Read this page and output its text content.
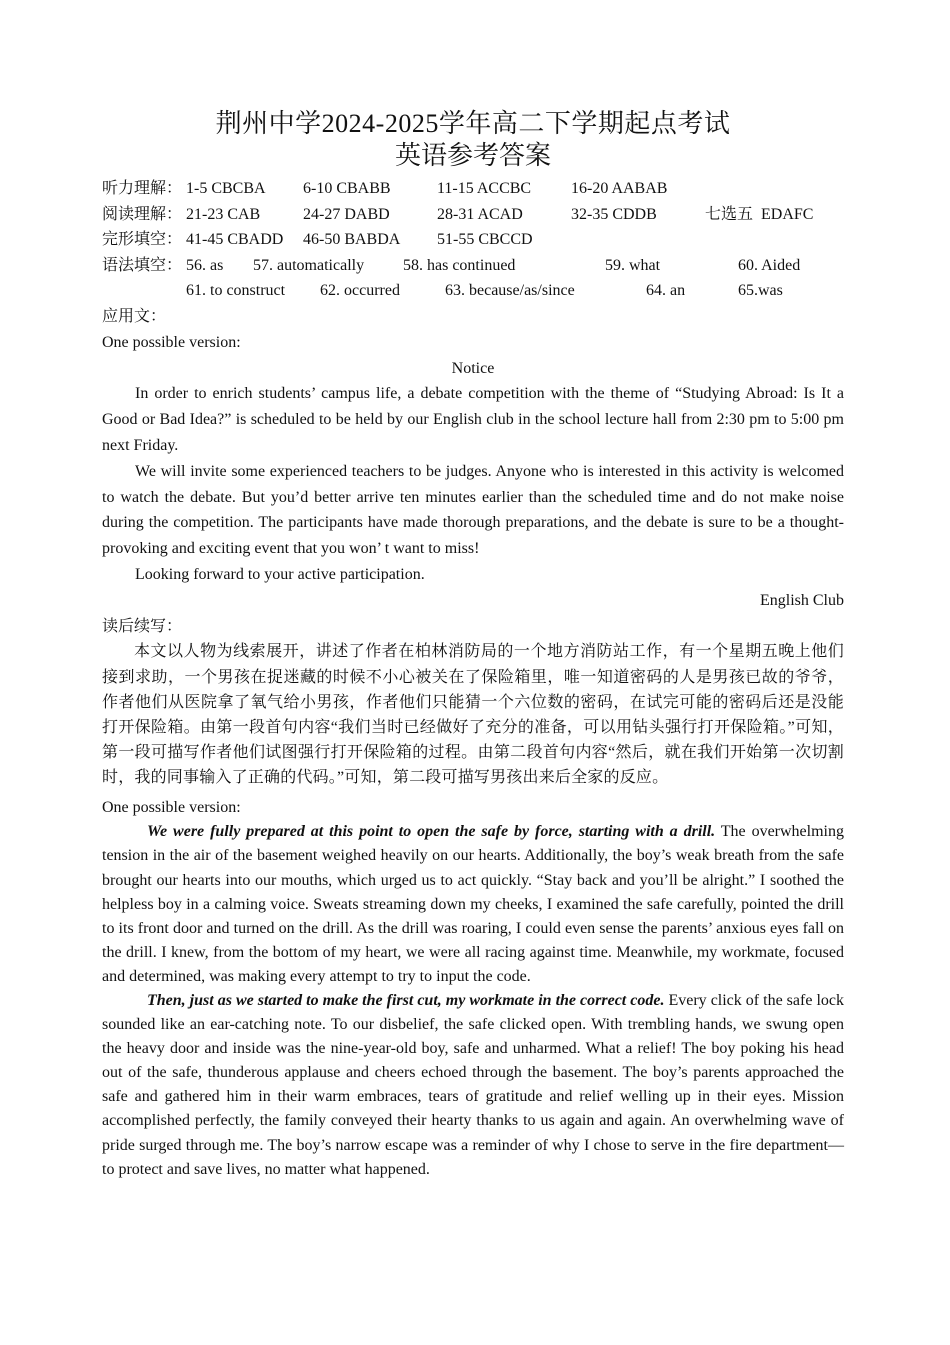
荆州中学2024-2025学年高二下学期起点考试
英语参考答案
听力理解： 1-5 CBCBA 6-10 CBABB	11-15 ACCBC 16-20 AABAB
阅读理解： 21-23 CAB	24-27 DABD	28-31 ACAD	32-35 CDDB	七选五  EDAFC
完形填空： 41-45 CBADD 46-50 BABDA 51-55 CBCCD
语法填空： 56. as 57. automatically 58. has continued	59. what	60. Aided
61. to construct 62. occurred	63. because/as/since	64. an	65.was
应用文：
One possible version:
Notice

In order to enrich students’ campus life, a debate competition with the theme of “Studying Abroad: Is It a Good or Bad Idea?” is scheduled to be held by our English club in the school lecture hall from 2:30 pm to 5:00 pm next Friday.

We will invite some experienced teachers to be judges. Anyone who is interested in this activity is welcomed to watch the debate. But you’d better arrive ten minutes earlier than the scheduled time and do not make noise during the competition. The participants have made thorough preparations, and the debate is sure to be a thought-provoking and exciting event that you won’ t want to miss!

Looking forward to your active participation.

English Club
读后续写：

本文以人物为线索展开，讲述了作者在柏林消防局的一个地方消防站工作，有一个星期五晚上他们接到求助，一个男孩在捉迷藏的时候不小心被关在了保险箱里，唯一知道密码的人是男孩已故的爷爷，作者他们从医院拿了氧气给小男孩，作者他们只能猜一个六位数的密码，在试完可能的密码后还是没能打开保险箱。由第一段首句内容“我们当时已经做好了充分的准备，可以用钻头强行打开保险箱。”可知，第一段可描写作者他们试图强行打开保险箱的过程。由第二段首句内容“然后，就在我们开始第一次切割时，我的同事输入了正确的代码。”可知，第二段可描写男孩出来后全家的反应。

One possible version:

We were fully prepared at this point to open the safe by force, starting with a drill. The overwhelming tension in the air of the basement weighed heavily on our hearts. Additionally, the boy’s weak breath from the safe brought our hearts into our mouths, which urged us to act quickly. “Stay back and you’ll be alright.” I soothed the helpless boy in a calming voice. Sweats streaming down my cheeks, I examined the safe carefully, pointed the drill to its front door and turned on the drill. As the drill was roaring, I could even sense the parents’ anxious eyes fall on the drill. I knew, from the bottom of my heart, we were all racing against time. Meanwhile, my workmate, focused and determined, was making every attempt to try to input the code.

Then, just as we started to make the first cut, my workmate in the correct code. Every click of the safe lock sounded like an ear-catching note. To our disbelief, the safe clicked open. With trembling hands, we swung open the heavy door and inside was the nine-year-old boy, safe and unharmed. What a relief! The boy poking his head out of the safe, thunderous applause and cheers echoed through the basement. The boy’s parents approached the safe and gathered him in their warm embraces, tears of gratitude and relief welling up in their eyes. Mission accomplished perfectly, the family conveyed their hearty thanks to us again and again. An overwhelming wave of pride surged through me. The boy’s narrow escape was a reminder of why I chose to serve in the fire department—to protect and save lives, no matter what happened.
